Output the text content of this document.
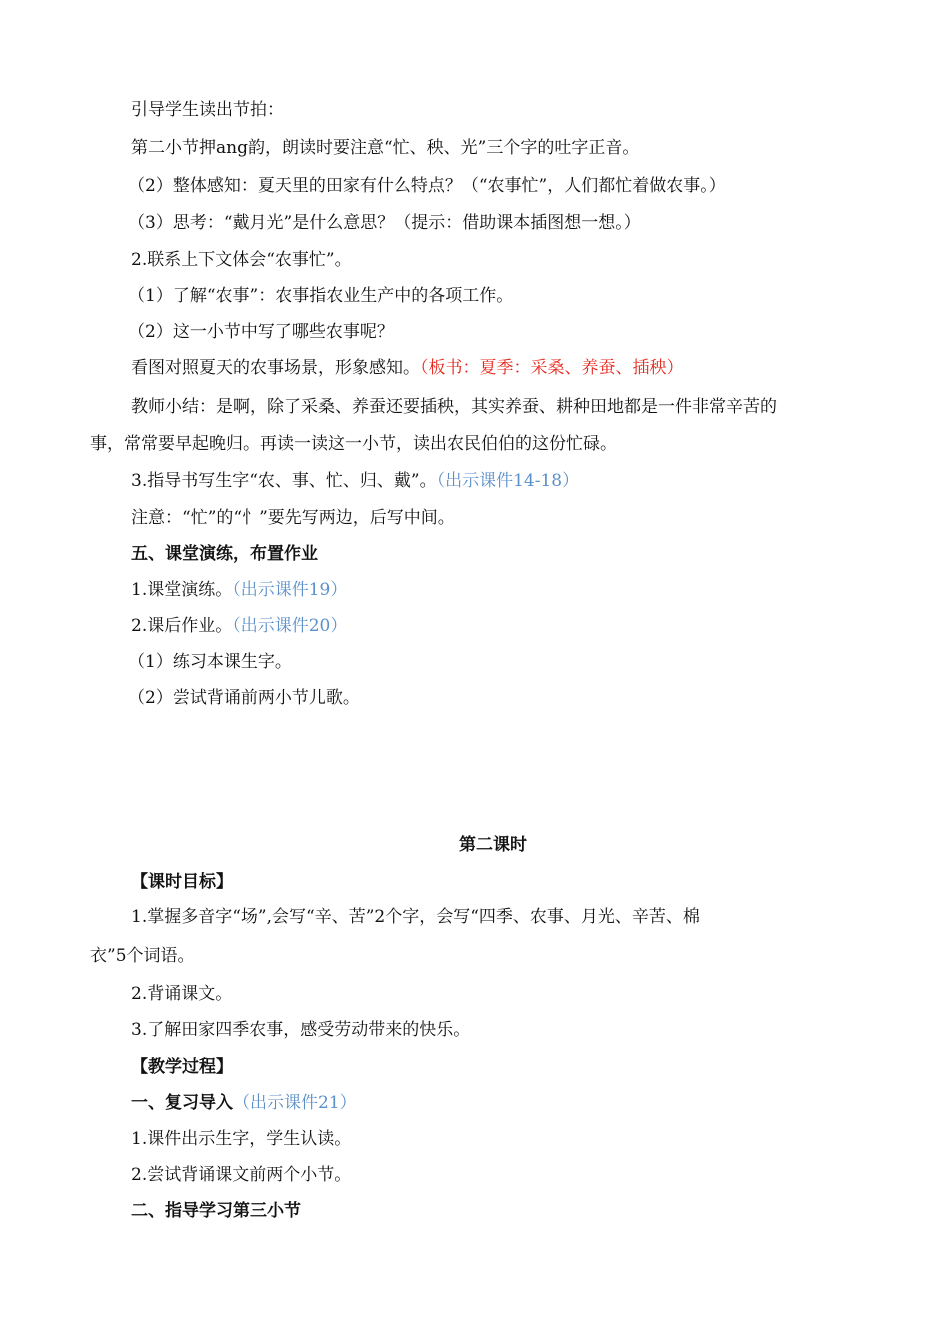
引导学生读出节拍：
第二小节押ang韵，朗读时要注意“忙、秧、光”三个字的吐字正音。
（2）整体感知：夏天里的田家有什么特点？（“农事忙”，人们都忙着做农事。）
（3）思考：“戴月光”是什么意思？（提示：借助课本插图想一想。）
2.联系上下文体会“农事忙”。
（1）了解“农事”：农事指农业生产中的各项工作。
（2）这一小节中写了哪些农事呢？
看图对照夏天的农事场景，形象感知。（板书：夏季：采桑、养蚕、插秧）
教师小结：是啊，除了采桑、养蚕还要插秧，其实养蚕、耕种田地都是一件非常辛苦的
事，常常要早起晚归。再读一读这一小节，读出农民伯伯的这份忙碌。
3.指导书写生字“农、事、忙、归、戴”。（出示课件14-18）
注意：“忙”的“忄”要先写两边，后写中间。
五、课堂演练，布置作业
1.课堂演练。（出示课件19）
2.课后作业。（出示课件20）
（1）练习本课生字。
（2）尝试背诵前两小节儿歌。
第二课时
【课时目标】
1.掌握多音字“场”,会写“辛、苦”2个字，会写“四季、农事、月光、辛苦、棉
衣”5个词语。
2.背诵课文。
3.了解田家四季农事，感受劳动带来的快乐。
【教学过程】
一、复习导入（出示课件21）
1.课件出示生字，学生认读。
2.尝试背诵课文前两个小节。
二、指导学习第三小节
